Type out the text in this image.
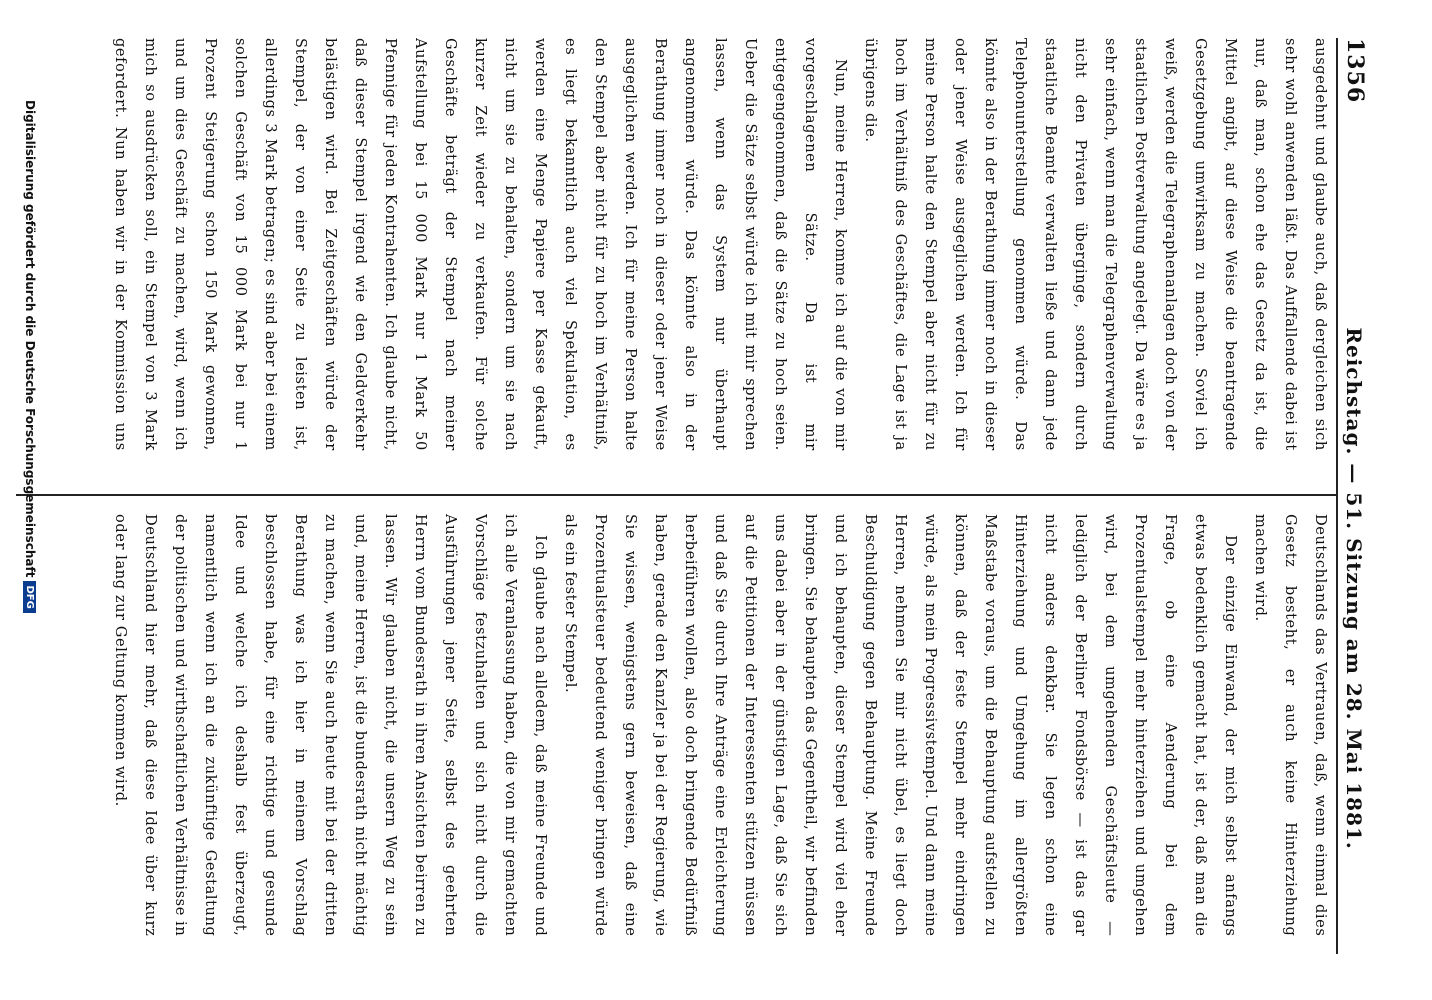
1356
Reichstag. — 51. Sitzung am 28. Mai 1881.

ausgedehnt und glaube auch, daß dergleichen sich sehr wohl anwenden läßt. Das Auffallende dabei ist nur, daß man, schon ehe das Gesetz da ist, die Mittel angibt, auf diese Weise die beantragende Gesetzgebung umwirksam zu machen. Soviel ich weiß, werden die Telegraphenanlagen doch von der staatlichen Postverwaltung angelegt. Da wäre es ja sehr einfach, wenn man die Telegraphenverwaltung nicht den Privaten überginge, sondern durch staatliche Beamte verwalten ließe und dann jede Telephonunterstellung genommen würde. Das könnte also in der Berathung immer noch in dieser oder jener Weise ausgeglichen werden. Ich für meine Person halte den Stempel aber nicht für zu hoch im Verhältniß des Geschäftes, die Lage ist ja übrigens die.

Nun, meine Herren, komme ich auf die von mir vorgeschlagenen Sätze. Da ist mir entgegengenommen, daß die Sätze zu hoch seien. Ueber die Sätze selbst würde ich mit mir sprechen lassen, wenn das System nur überhaupt angenommen würde. Das könnte also in der Berathung immer noch in dieser oder jener Weise ausgeglichen werden. Ich für meine Person halte den Stempel aber nicht für zu hoch im Verhältniß, es liegt bekanntlich auch viel Spekulation, es werden eine Menge Papiere per Kasse gekauft, nicht um sie zu behalten, sondern um sie nach kurzer Zeit wieder zu verkaufen. Für solche Geschäfte beträgt der Stempel nach meiner Aufstellung bei 15 000 Mark nur 1 Mark 50 Pfennige für jeden Kontrahenten. Ich glaube nicht, daß dieser Stempel irgend wie den Geldverkehr belästigen wird. Bei Zeitgeschäften würde der Stempel, der von einer Seite zu leisten ist, allerdings 3 Mark betragen; es sind aber bei einem solchen Geschäft von 15 000 Mark bei nur 1 Prozent Steigerung schon 150 Mark gewonnen, und um dies Geschäft zu machen, wird, wenn ich mich so ausdrücken soll, ein Stempel von 3 Mark gefordert. Nun haben wir in der Kommission uns

Deutschlands das Vertrauen, daß, wenn einmal dies Gesetz besteht, er auch keine Hinterziehung machen wird.

Der einzige Einwand, der mich selbst anfangs etwas bedenklich gemacht hat, ist der, daß man die Frage, ob eine Aenderung bei dem Prozentualstempel mehr hinterziehen und umgehen wird, bei dem umgehenden Geschäftsleute — lediglich der Berliner Fondsbörse — ist das gar nicht anders denkbar. Sie legen schon eine Hinterziehung und Umgehung im allergrößten Maßstabe voraus, um die Behauptung aufstellen zu können, daß der feste Stempel mehr eindringen würde, als mein Progressivstempel. Und dann meine Herren, nehmen Sie mir nicht übel, es liegt doch Beschuldigung gegen Behauptung. Meine Freunde und ich behaupten, dieser Stempel wird viel eher bringen. Sie behaupten das Gegentheil, wir befinden uns dabei aber in der günstigen Lage, daß Sie sich auf die Petitionen der Interessenten stützen müssen und daß Sie durch Ihre Anträge eine Erleichterung herbeiführen wollen, also doch bringende Bedürfniß haben, gerade den Kanzler ja bei der Regierung, wie Sie wissen, wenigstens gern beweisen, daß eine Prozentualsteuer bedeutend weniger bringen würde als ein fester Stempel.

Ich glaube nach alledem, daß meine Freunde und ich alle Veranlassung haben, die von mir gemachten Vorschläge festzuhalten und sich nicht durch die Ausführungen jener Seite, selbst des geehrten Herrn vom Bundesrath in ihren Ansichten beirren zu lassen. Wir glauben nicht, die unsern Weg zu sein und, meine Herren, ist die bundesrath nicht mächtig zu machen, wenn Sie auch heute mit bei der dritten Berathung was ich hier in meinem Vorschlag beschlossen habe, für eine richtige und gesunde Idee und welche ich deshalb fest überzeugt, namentlich wenn ich an die zukünftige Gestaltung der politischen und wirthschaftlichen Verhältnisse in Deutschland hier mehr, daß diese Idee über kurz oder lang zur Geltung kommen wird.

Digitalisierung gefördert durch die Deutsche Forschungsgemeinschaft
DFG
